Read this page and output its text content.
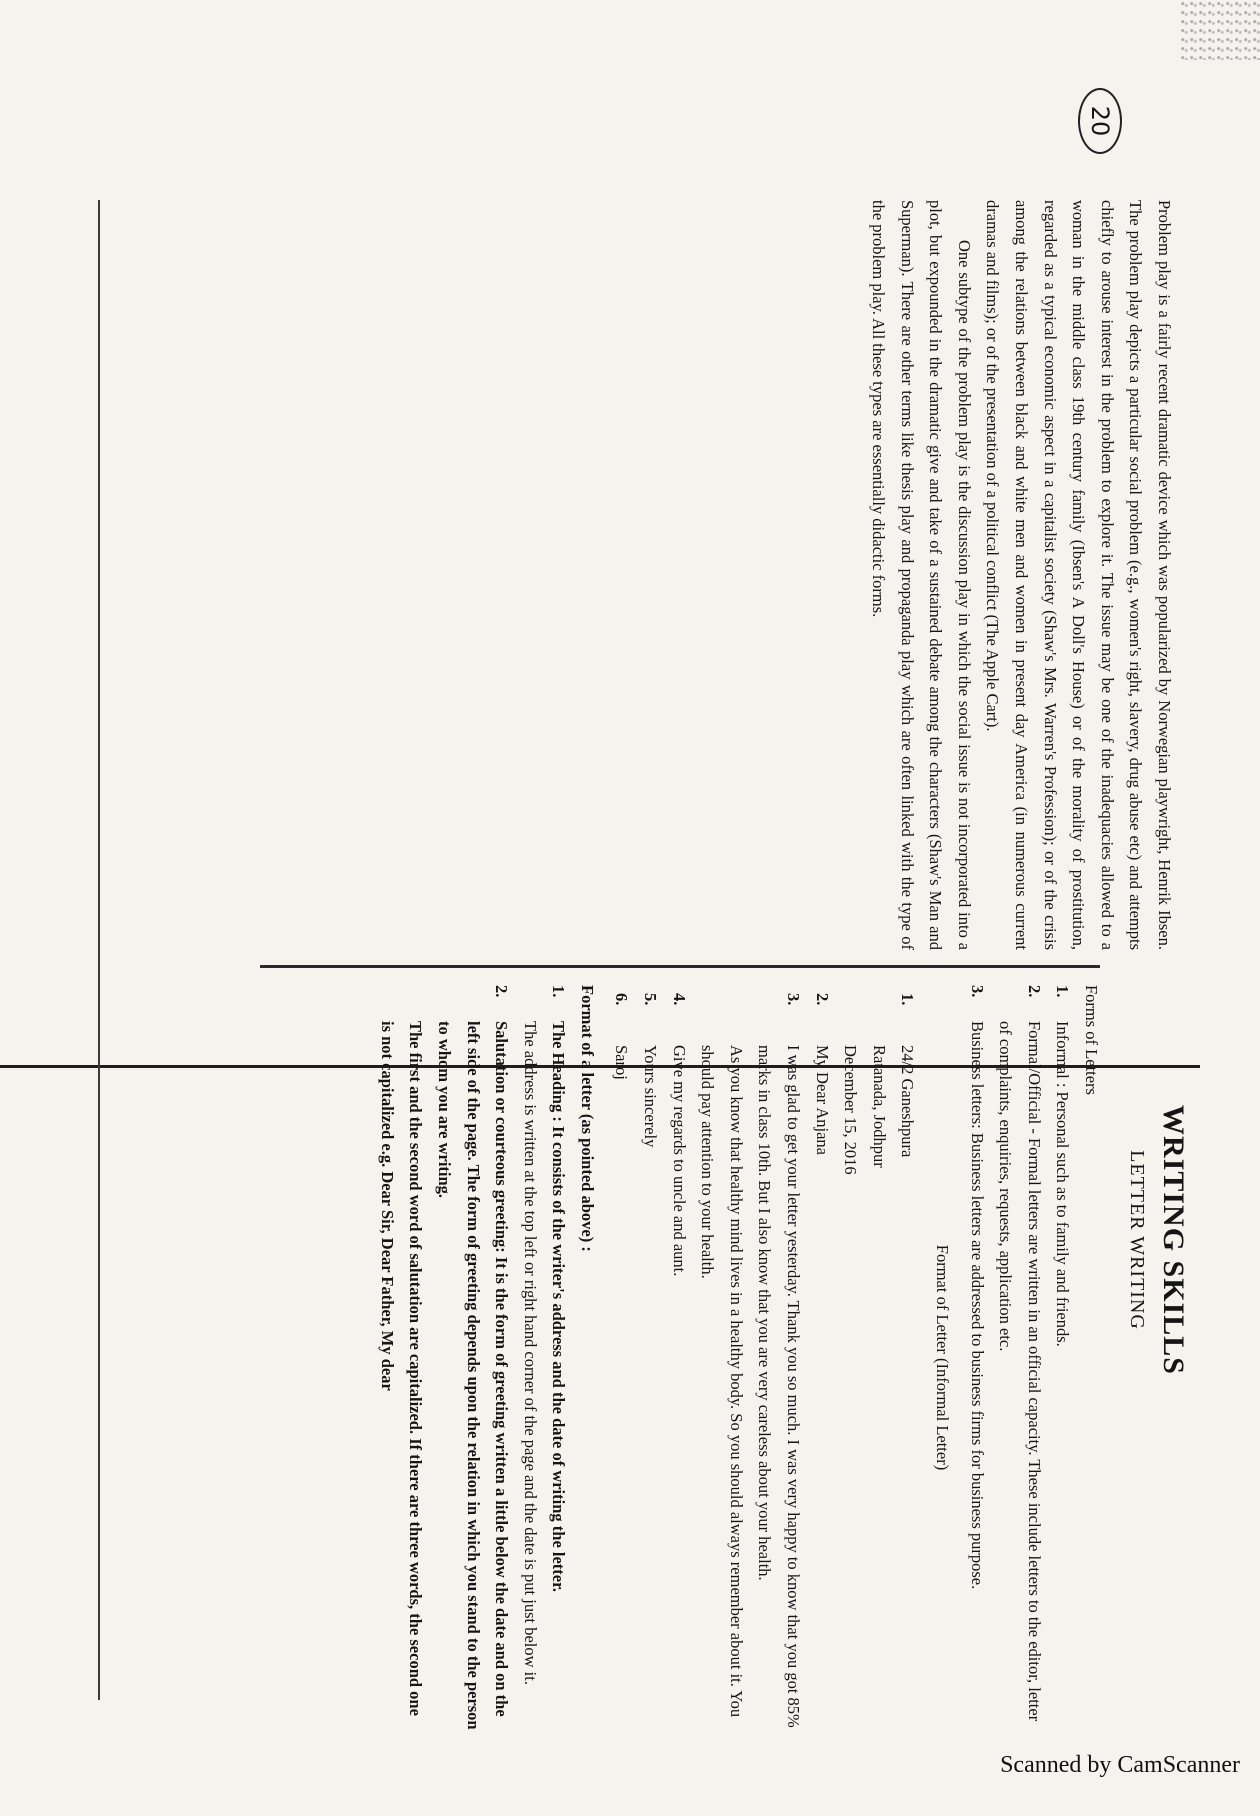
20
WRITING SKILLS
LETTER WRITING

Problem play is a fairly recent dramatic device which was popularized by Norwegian playwright, Henrik Ibsen. The problem play depicts a particular social problem (e.g., women's right, slavery, drug abuse etc) and attempts chiefly to arouse interest in the problem to explore it. The issue may be one of the inadequacies allowed to a woman in the middle class 19th century family (Ibsen's A Doll's House) or of the morality of prostitution, regarded as a typical economic aspect in a capitalist society (Shaw's Mrs. Warren's Profession); or of the crisis among the relations between black and white men and women in present day America (in numerous current dramas and films); or of the presentation of a political conflict (The Apple Cart).

One subtype of the problem play is the discussion play in which the social issue is not incorporated into a plot, but expounded in the dramatic give and take of a sustained debate among the characters (Shaw's Man and Superman). There are other terms like thesis play and propaganda play which are often linked with the type of the problem play. All these types are essentially didactic forms.

Forms of Letters

1.
Informal : Personal such as to family and friends.
2.
Formal/Official - Formal letters are written in an official capacity. These include letters to the editor, letter of complaints, enquiries, requests, application etc.
3.
Business letters: Business letters are addressed to business firms for business purpose.

Format of Letter (Informal Letter)

1.
24/2 Ganeshpura
Ratanada, Jodhpur
December 15, 2016
2.
My Dear Anjana
3.
I was glad to get your letter yesterday. Thank you so much. I was very happy to know that you got 85% marks in class 10th. But I also know that you are very careless about your health.
As you know that healthy mind lives in a healthy body. So you should always remember about it. You should pay attention to your health.
4.
Give my regards to uncle and aunt.
5.
Yours sincerely
6.
Saroj

Format of a letter (as pointed above) :

1.
The Heading : It consists of the writer's address and the date of writing the letter.
The address is written at the top left or right hand corner of the page and the date is put just below it.
2.
Salutation or courteous greeting: It is the form of greeting written a little below the date and on the left side of the page. The form of greeting depends upon the relation in which you stand to the person to whom you are writing.
The first and the second word of salutation are capitalized. If there are three words, the second one is not capitalized e.g. Dear Sir, Dear Father, My dear
Scanned by CamScanner
